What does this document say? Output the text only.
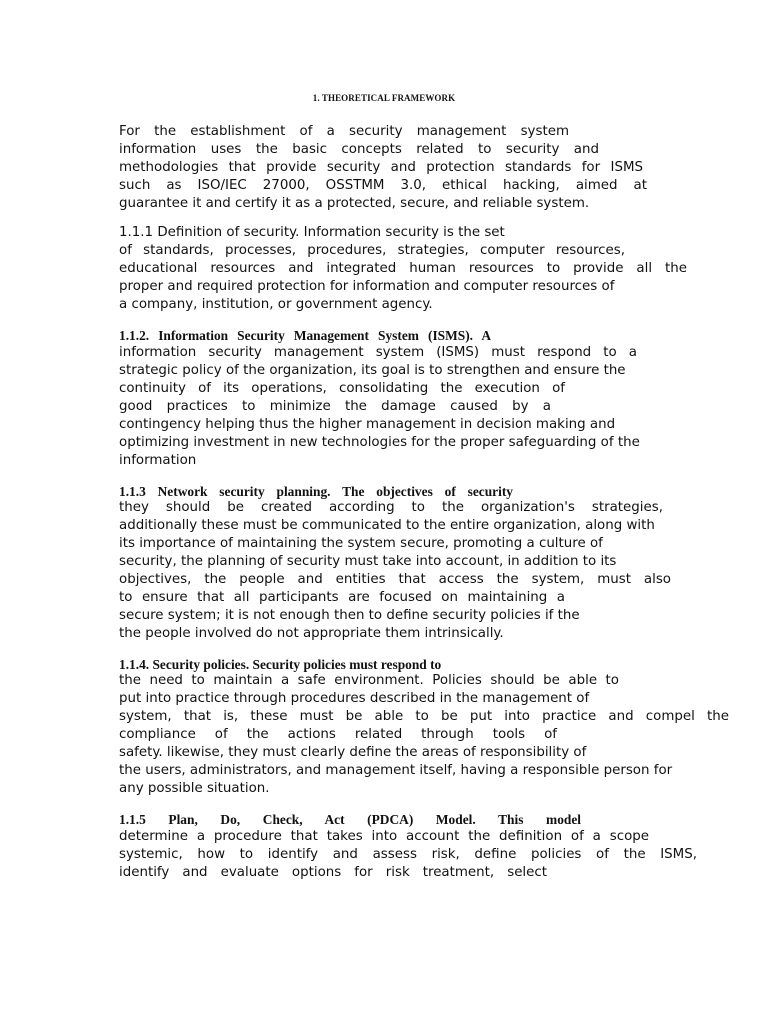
1. THEORETICAL FRAMEWORK
For the establishment of a security management system
information uses the basic concepts related to security and
methodologies that provide security and protection standards for ISMS
such as ISO/IEC 27000, OSSTMM 3.0, ethical hacking, aimed at
guarantee it and certify it as a protected, secure, and reliable system.
1.1.1 Definition of security. Information security is the set
of standards, processes, procedures, strategies, computer resources,
educational resources and integrated human resources to provide all the
proper and required protection for information and computer resources of
a company, institution, or government agency.
1.1.2. Information Security Management System (ISMS). A
information security management system (ISMS) must respond to a
strategic policy of the organization, its goal is to strengthen and ensure the
continuity of its operations, consolidating the execution of
good practices to minimize the damage caused by a
contingency helping thus the higher management in decision making and
optimizing investment in new technologies for the proper safeguarding of the
information
1.1.3 Network security planning. The objectives of security
they should be created according to the organization's strategies,
additionally these must be communicated to the entire organization, along with
its importance of maintaining the system secure, promoting a culture of
security, the planning of security must take into account, in addition to its
objectives, the people and entities that access the system, must also
to ensure that all participants are focused on maintaining a
secure system; it is not enough then to define security policies if the
the people involved do not appropriate them intrinsically.
1.1.4. Security policies. Security policies must respond to
the need to maintain a safe environment. Policies should be able to
put into practice through procedures described in the management of
system, that is, these must be able to be put into practice and compel the
compliance of the actions related through tools of
safety. likewise, they must clearly define the areas of responsibility of
the users, administrators, and management itself, having a responsible person for
any possible situation.
1.1.5 Plan, Do, Check, Act (PDCA) Model. This model
determine a procedure that takes into account the definition of a scope
systemic, how to identify and assess risk, define policies of the ISMS,
identify and evaluate options for risk treatment, select
